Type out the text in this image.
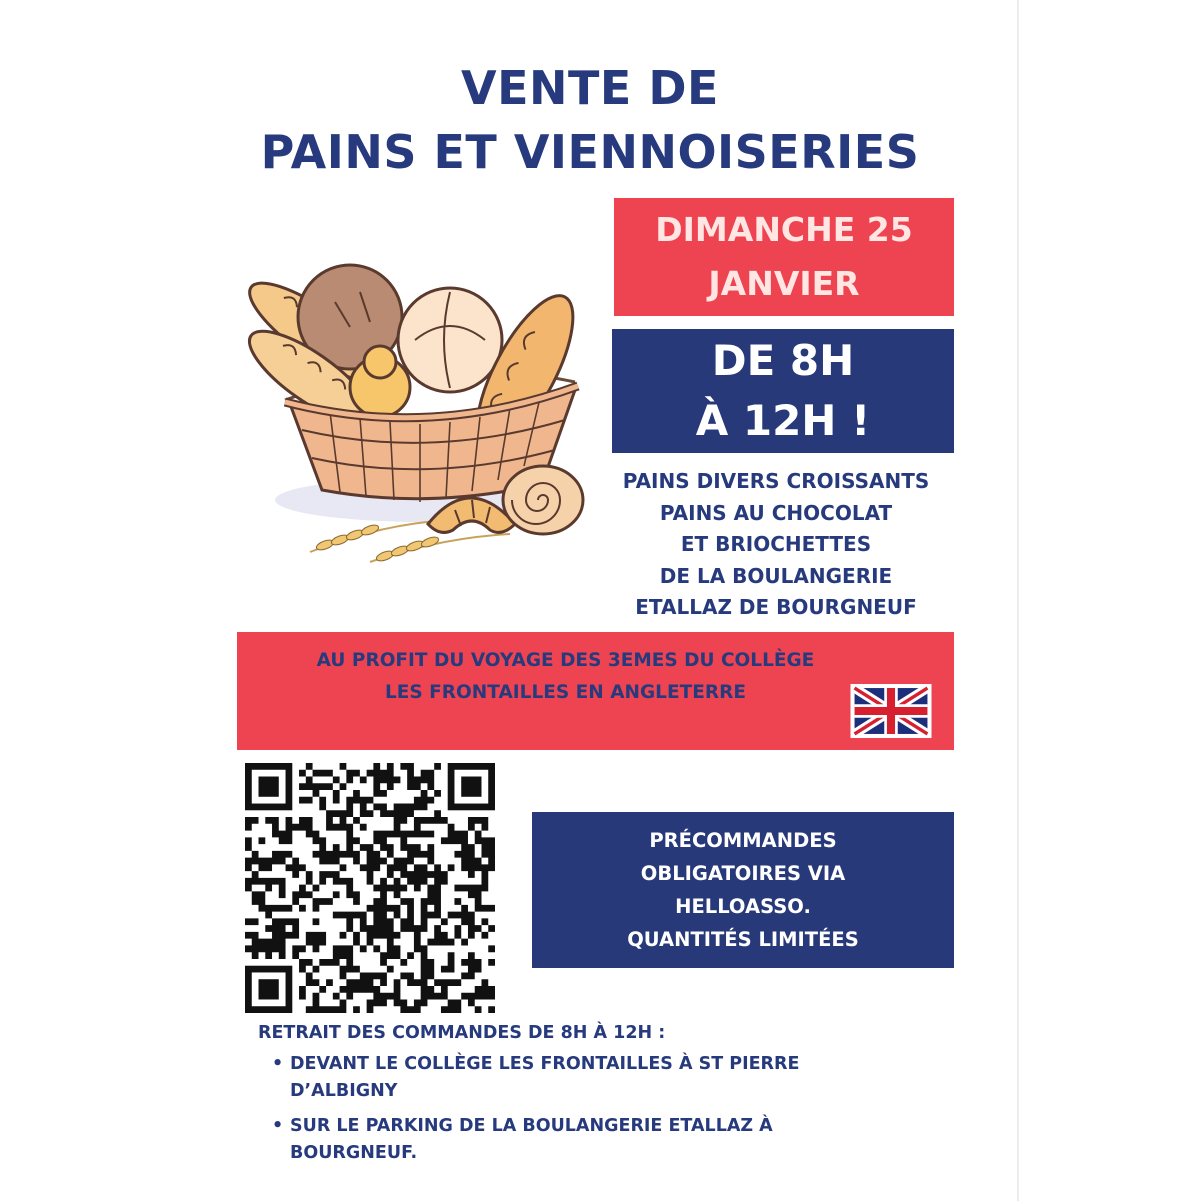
VENTE DE
PAINS ET VIENNOISERIES
DIMANCHE 25
JANVIER
DE 8H
À 12H !
PAINS DIVERS CROISSANTS
PAINS AU CHOCOLAT
ET BRIOCHETTES
DE LA BOULANGERIE
ETALLAZ DE BOURGNEUF
AU PROFIT DU VOYAGE DES 3EMES DU COLLÈGE
LES FRONTAILLES EN ANGLETERRE
PRÉCOMMANDES
OBLIGATOIRES VIA
HELLOASSO.
QUANTITÉS LIMITÉES
RETRAIT DES COMMANDES DE 8H À 12H :
• DEVANT LE COLLÈGE LES FRONTAILLES À ST PIERRE D’ALBIGNY
• SUR LE PARKING DE LA BOULANGERIE ETALLAZ À BOURGNEUF.
